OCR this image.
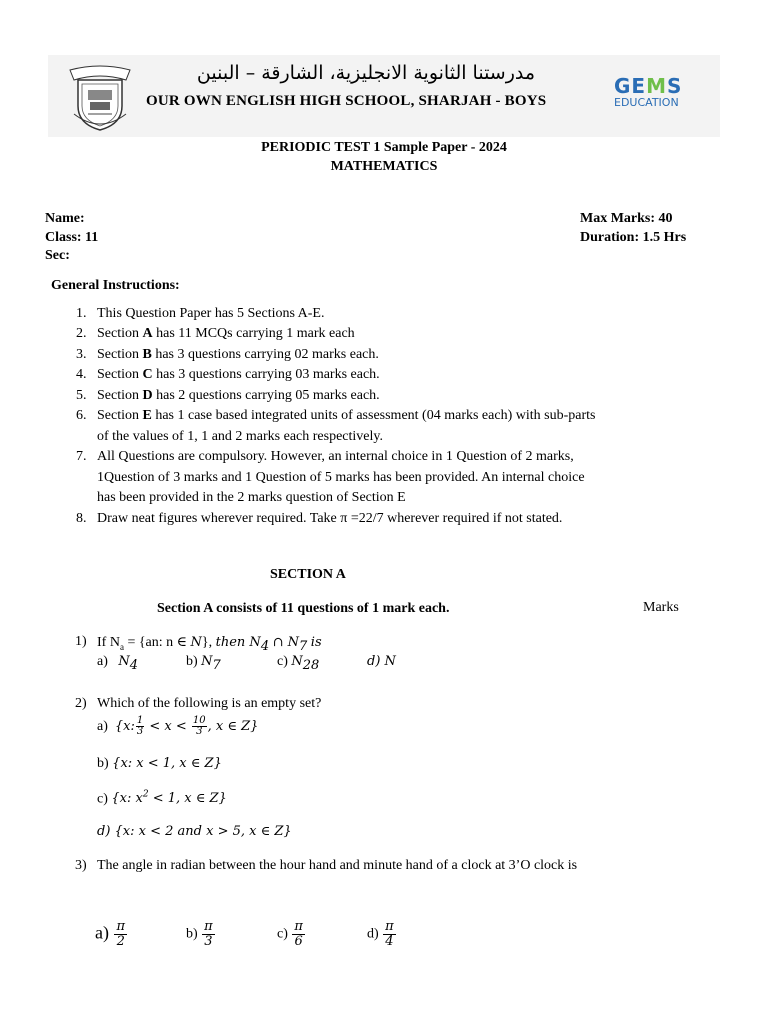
مدرستنا الثانوية الانجليزية، الشارقة – البنين
OUR OWN ENGLISH HIGH SCHOOL, SHARJAH - BOYS
GEMS
EDUCATION
PERIODIC TEST 1 Sample Paper - 2024
MATHEMATICS
Name:
Class: 11
Sec:
Max Marks: 40
Duration: 1.5 Hrs
General Instructions:
1. This Question Paper has 5 Sections A-E.
2. Section A has 11 MCQs carrying 1 mark each
3. Section B has 3 questions carrying 02 marks each.
4. Section C has 3 questions carrying 03 marks each.
5. Section D has 2 questions carrying 05 marks each.
6. Section E has 1 case based integrated units of assessment (04 marks each) with sub-parts
of the values of 1, 1 and 2 marks each respectively.
7. All Questions are compulsory. However, an internal choice in 1 Question of 2 marks,
1Question of 3 marks and 1 Question of 5 marks has been provided. An internal choice
has been provided in the 2 marks question of Section E
8. Draw neat figures wherever required. Take π =22/7 wherever required if not stated.
SECTION A
Section A consists of 11 questions of 1 mark each.	Marks
1) If $N_a = \{an$: n ∈ N}, then $N_4$ ∩ $N_7$ is
a) $N_4$	b) $N_7$	c) $N_{28}$	d) N
2) Which of the following is an empty set?
a) {x: $\frac{1}{3} < x < \frac{10}{3}$ , x ∈ Z}
b) {x: x < 1, x ∈ Z}
c) {x: $x^2 < 1$, x ∈ Z}
d) {x: x < 2 and x > 5, x ∈ Z}
3) The angle in radian between the hour hand and minute hand of a clock at 3’O clock is
$a) \frac{\pi}{2}$	$b) \frac{\pi}{3}$	$c) \frac{\pi}{6}$	$d) \frac{\pi}{4}$
